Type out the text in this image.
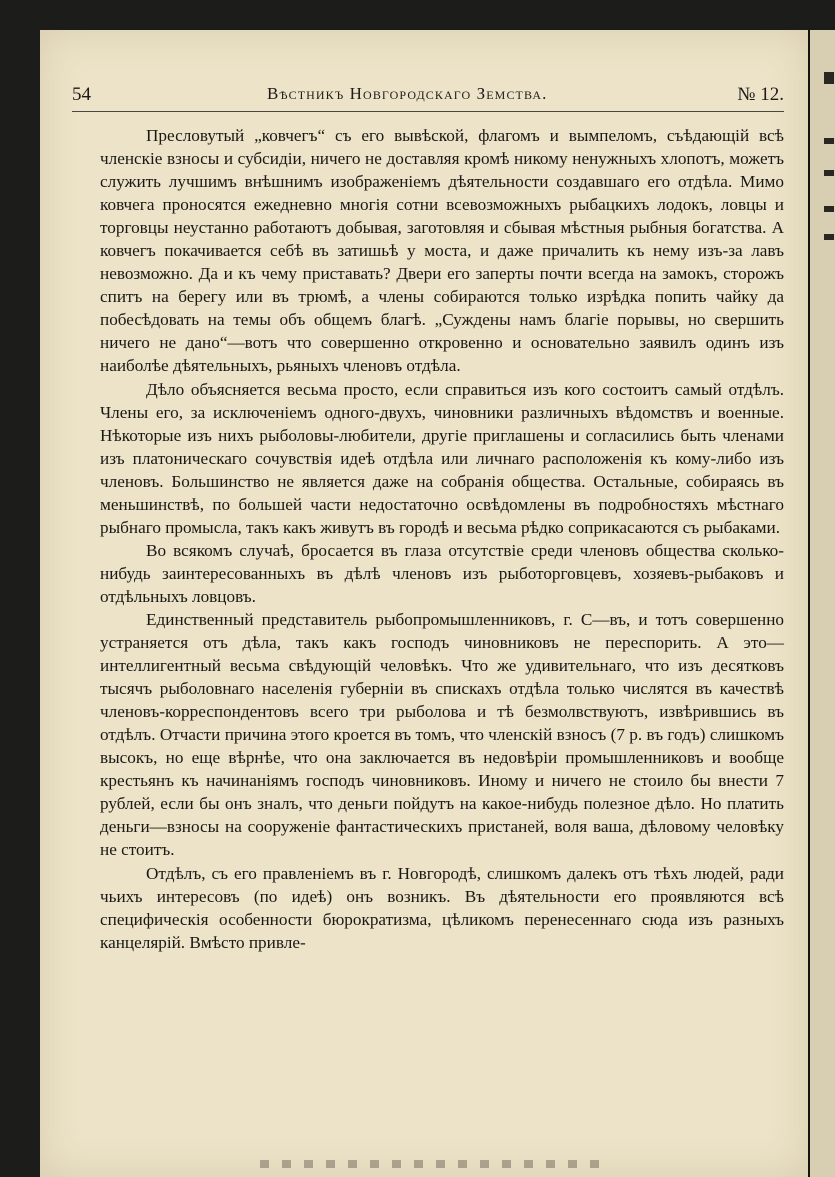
54	Вѣстникъ Новгородскаго Земства.	№ 12.

Пресловутый „ковчегъ“ съ его вывѣской, флагомъ и вымпеломъ, съѣдающій всѣ членскіе взносы и субсидіи, ничего не доставляя кромѣ никому ненужныхъ хлопотъ, можетъ служить лучшимъ внѣшнимъ изображеніемъ дѣятельности создавшаго его отдѣла. Мимо ковчега проносятся ежедневно многія сотни всевозможныхъ рыбацкихъ лодокъ, ловцы и торговцы неустанно работаютъ добывая, заготовляя и сбывая мѣстныя рыбныя богатства. А ковчегъ покачивается себѣ въ затишьѣ у моста, и даже причалить къ нему изъ-за лавъ невозможно. Да и къ чему приставать? Двери его заперты почти всегда на замокъ, сторожъ спитъ на берегу или въ трюмѣ, а члены собираются только изрѣдка попить чайку да побесѣдовать на темы объ общемъ благѣ. „Суждены намъ благіе порывы, но свершить ничего не дано“—вотъ что совершенно откровенно и основательно заявилъ одинъ изъ наиболѣе дѣятельныхъ, рьяныхъ членовъ отдѣла.

Дѣло объясняется весьма просто, если справиться изъ кого состоитъ самый отдѣлъ. Члены его, за исключеніемъ одного-двухъ, чиновники различныхъ вѣдомствъ и военные. Нѣкоторые изъ нихъ рыболовы-любители, другіе приглашены и согласились быть членами изъ платоническаго сочувствія идеѣ отдѣла или личнаго расположенія къ кому-либо изъ членовъ. Большинство не является даже на собранія общества. Остальные, собираясь въ меньшинствѣ, по большей части недостаточно освѣдомлены въ подробностяхъ мѣстнаго рыбнаго промысла, такъ какъ живутъ въ городѣ и весьма рѣдко соприкасаются съ рыбаками.

Во всякомъ случаѣ, бросается въ глаза отсутствіе среди членовъ общества сколько-нибудь заинтересованныхъ въ дѣлѣ членовъ изъ рыботорговцевъ, хозяевъ-рыбаковъ и отдѣльныхъ ловцовъ.

Единственный представитель рыбопромышленниковъ, г. С—въ, и тотъ совершенно устраняется отъ дѣла, такъ какъ господъ чиновниковъ не переспорить. А это—интеллигентный весьма свѣдующій человѣкъ. Что же удивительнаго, что изъ десятковъ тысячъ рыболовнаго населенія губерніи въ спискахъ отдѣла только числятся въ качествѣ членовъ-корреспондентовъ всего три рыболова и тѣ безмолвствуютъ, извѣрившись въ отдѣлъ. Отчасти причина этого кроется въ томъ, что членскій взносъ (7 р. въ годъ) слишкомъ высокъ, но еще вѣрнѣе, что она заключается въ недовѣріи промышленниковъ и вообще крестьянъ къ начинаніямъ господъ чиновниковъ. Иному и ничего не стоило бы внести 7 рублей, если бы онъ зналъ, что деньги пойдутъ на какое-нибудь полезное дѣло. Но платить деньги—взносы на сооруженіе фантастическихъ пристаней, воля ваша, дѣловому человѣку не стоитъ.

Отдѣлъ, съ его правленіемъ въ г. Новгородѣ, слишкомъ далекъ отъ тѣхъ людей, ради чьихъ интересовъ (по идеѣ) онъ возникъ. Въ дѣятельности его проявляются всѣ специфическія особенности бюрократизма, цѣликомъ перенесеннаго сюда изъ разныхъ канцелярій. Вмѣсто привле-
